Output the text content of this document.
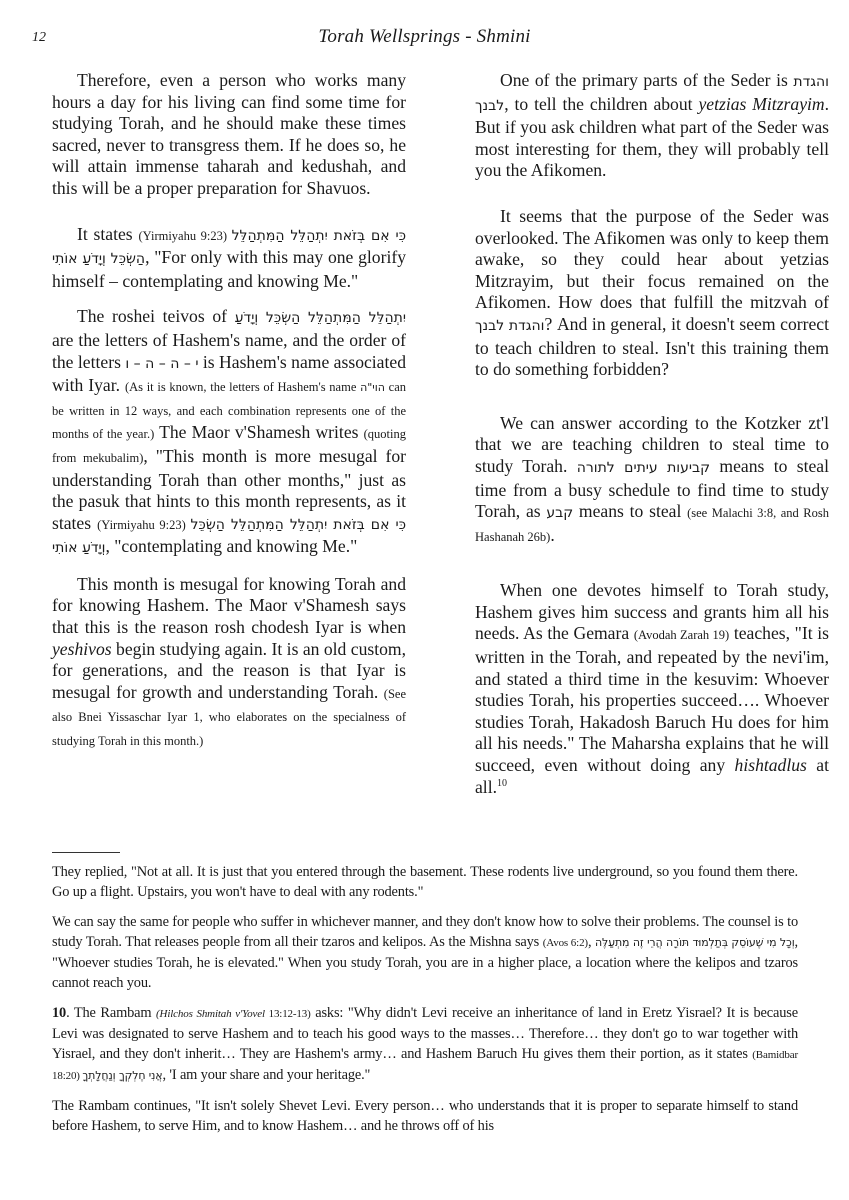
12	Torah Wellsprings - Shmini

Therefore, even a person who works many hours a day for his living can find some time for studying Torah, and he should make these times sacred, never to transgress them. If he does so, he will attain immense taharah and kedushah, and this will be a proper preparation for Shavuos.

It states (Yirmiyahu 9:23) כִּי אִם בְּזֹאת יִתְהַלֵּל הַמִּתְהַלֵּל הַשְׂכֵּל וְיָדֹעַ אוֹתִי, "For only with this may one glorify himself – contemplating and knowing Me."

The roshei teivos of יִתְהַלֵּל הַמִּתְהַלֵּל הַשְׂכֵּל וְיָדֹעַ are the letters of Hashem's name, and the order of the letters י – ה – ה – ו is Hashem's name associated with Iyar. (As it is known, the letters of Hashem's name הוי"ה can be written in 12 ways, and each combination represents one of the months of the year.) The Maor v'Shamesh writes (quoting from mekubalim), "This month is more mesugal for understanding Torah than other months," just as the pasuk that hints to this month represents, as it states (Yirmiyahu 9:23) כִּי אִם בְּזֹאת יִתְהַלֵּל הַמִּתְהַלֵּל הַשְׂכֵּל וְיָדֹעַ אוֹתִי, "contemplating and knowing Me."

This month is mesugal for knowing Torah and for knowing Hashem. The Maor v'Shamesh says that this is the reason rosh chodesh Iyar is when yeshivos begin studying again. It is an old custom, for generations, and the reason is that Iyar is mesugal for growth and understanding Torah. (See also Bnei Yissaschar Iyar 1, who elaborates on the specialness of studying Torah in this month.)

One of the primary parts of the Seder is והגדת לבנך, to tell the children about yetzias Mitzrayim. But if you ask children what part of the Seder was most interesting for them, they will probably tell you the Afikomen.

It seems that the purpose of the Seder was overlooked. The Afikomen was only to keep them awake, so they could hear about yetzias Mitzrayim, but their focus remained on the Afikomen. How does that fulfill the mitzvah of והגדת לבנך? And in general, it doesn't seem correct to teach children to steal. Isn't this training them to do something forbidden?

We can answer according to the Kotzker zt'l that we are teaching children to steal time to study Torah. קביעות עיתים לתורה means to steal time from a busy schedule to find time to study Torah, as קבע means to steal (see Malachi 3:8, and Rosh Hashanah 26b).

When one devotes himself to Torah study, Hashem gives him success and grants him all his needs. As the Gemara (Avodah Zarah 19) teaches, "It is written in the Torah, and repeated by the nevi'im, and stated a third time in the kesuvim: Whoever studies Torah, his properties succeed…. Whoever studies Torah, Hakadosh Baruch Hu does for him all his needs." The Maharsha explains that he will succeed, even without doing any hishtadlus at all.$^{10}$

They replied, "Not at all. It is just that you entered through the basement. These rodents live underground, so you found them there. Go up a flight. Upstairs, you won't have to deal with any rodents."

We can say the same for people who suffer in whichever manner, and they don't know how to solve their problems. The counsel is to study Torah. That releases people from all their tzaros and kelipos. As the Mishna says (Avos 6:2), וְכָל מִי שֶׁעוֹסֵק בְּתַלְמוּד תּוֹרָה הֲרֵי זֶה מִתְעַלֶּה, "Whoever studies Torah, he is elevated." When you study Torah, you are in a higher place, a location where the kelipos and tzaros cannot reach you.

10. The Rambam (Hilchos Shmitah v'Yovel 13:12-13) asks: "Why didn't Levi receive an inheritance of land in Eretz Yisrael? It is because Levi was designated to serve Hashem and to teach his good ways to the masses… Therefore… they don't go to war together with Yisrael, and they don't inherit… They are Hashem's army… and Hashem Baruch Hu gives them their portion, as it states (Bamidbar 18:20) אֲנִי חֶלְקְךָ וְנַחֲלָתְךָ, 'I am your share and your heritage."

The Rambam continues, "It isn't solely Shevet Levi. Every person… who understands that it is proper to separate himself to stand before Hashem, to serve Him, and to know Hashem… and he throws off of his
